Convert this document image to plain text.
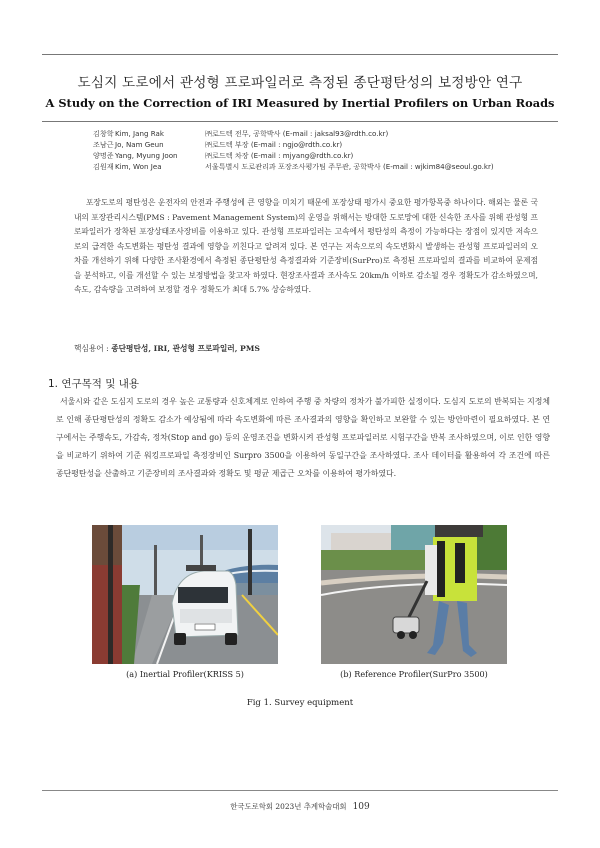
도심지 도로에서 관성형 프로파일러로 측정된 종단평탄성의 보정방안 연구
A Study on the Correction of IRI Measured by Inertial Profilers on Urban Roads
김창학 Kim, Jang Rak	㈜로드텍 전무, 공학박사 (E-mail : jaksal93@rdth.co.kr)
조남근 Jo, Nam Geun	㈜로드텍 부장 (E-mail : ngjo@rdth.co.kr)
양명준 Yang, Myung Joon	㈜로드텍 차장 (E-mail : mjyang@rdth.co.kr)
김원재 Kim, Won Jea	서울특별시 도로관리과 포장조사평가팀 주무관, 공학박사 (E-mail : wjkim84@seoul.go.kr)
포장도로의 평탄성은 운전자의 안전과 주행성에 큰 영향을 미치기 때문에 포장상태 평가시 중요한 평가항목중 하나이다. 해외는 물론 국내의 포장관리시스템(PMS : Pavement Management System)의 운영을 위해서는 방대한 도로망에 대한 신속한 조사를 위해 관성형 프로파일러가 장착된 포장상태조사장비를 이용하고 있다. 관성형 프로파일러는 고속에서 평탄성의 측정이 가능하다는 장점이 있지만 저속으로의 급격한 속도변화는 평탄성 결과에 영향을 끼친다고 알려져 있다. 본 연구는 저속으로의 속도변화시 발생하는 관성형 프로파일러의 오차를 개선하기 위해 다양한 조사환경에서 측정된 종단평탄성 측정결과와 기준장비(SurPro)로 측정된 프로파일의 결과를 비교하여 문제점을 분석하고, 이를 개선할 수 있는 보정방법을 찾고자 하였다. 현장조사결과 조사속도 20km/h 이하로 감소될 경우 정확도가 감소하였으며, 속도, 감속량을 고려하여 보정할 경우 정확도가 최대 5.7% 상승하였다.
핵심용어 : 종단평탄성, IRI, 관성형 프로파일러, PMS
1. 연구목적 및 내용
서울시와 같은 도심지 도로의 경우 높은 교통량과 신호체계로 인하여 주행 중 차량의 정차가 불가피한 실정이다. 도심지 도로의 반복되는 지정체로 인해 종단평탄성의 정확도 감소가 예상됨에 따라 속도변화에 따른 조사결과의 영향을 확인하고 보완할 수 있는 방안마련이 필요하였다. 본 연구에서는 주행속도, 가감속, 정차(Stop and go) 등의 운영조건을 변화시켜 관성형 프로파일러로 시험구간을 반복 조사하였으며, 이로 인한 영향을 비교하기 위하여 기준 워킹프로파일 측정장비인 Surpro 3500을 이용하여 동일구간을 조사하였다. 조사 데이터를 활용하여 각 조건에 따른 종단평탄성을 산출하고 기준장비의 조사결과와 정확도 및 평균 제곱근 오차를 이용하여 평가하였다.
(a) Inertial Profiler(KRISS 5)	(b) Reference Profiler(SurPro 3500)
Fig 1. Survey equipment
한국도로학회 2023년 추계학술대회 109
